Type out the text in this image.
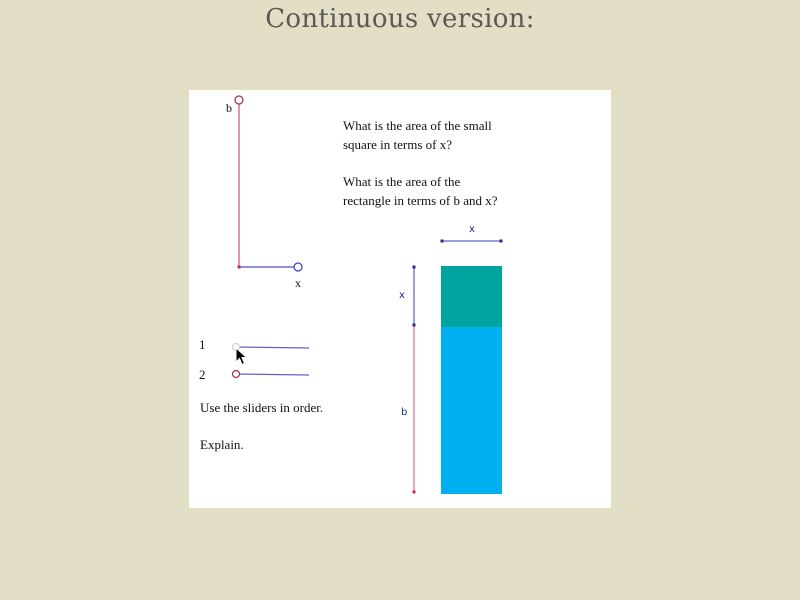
Continuous version:
b
x
1
2
What is the area of the small
square in terms of x?
What is the area of the
rectangle in terms of b and x?
Use the sliders in order.
Explain.
x
x
b
